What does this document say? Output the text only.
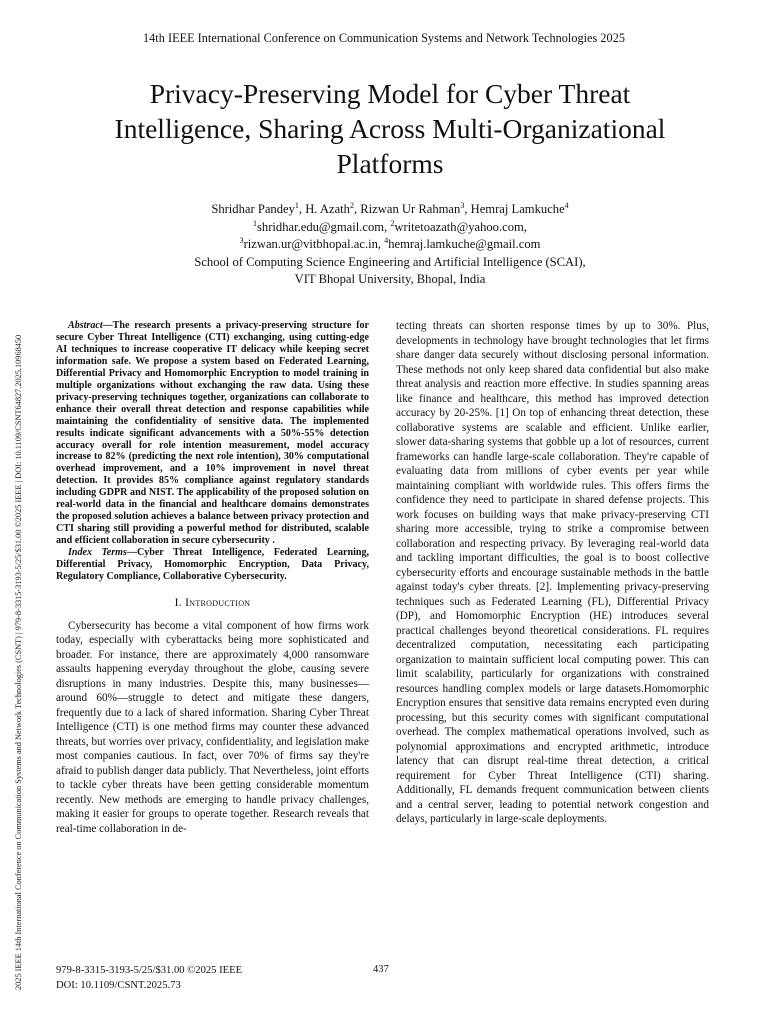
14th IEEE International Conference on Communication Systems and Network Technologies 2025
2025 IEEE 14th International Conference on Communication Systems and Network Technologies (CSNT) | 979-8-3315-3193-5/25/$31.00 ©2025 IEEE | DOI: 10.1109/CSNT64827.2025.10968450
Privacy-Preserving Model for Cyber Threat
Intelligence, Sharing Across Multi-Organizational
Platforms
Shridhar Pandey$^1$, H. Azath$^2$, Rizwan Ur Rahman$^3$, Hemraj Lamkuche$^4$
$^1$shridhar.edu@gmail.com, $^2$writetoazath@yahoo.com,
$^3$rizwan.ur@vitbhopal.ac.in, $^4$hemraj.lamkuche@gmail.com
School of Computing Science Engineering and Artificial Intelligence (SCAI),
VIT Bhopal University, Bhopal, India

Abstract—The research presents a privacy-preserving structure for secure Cyber Threat Intelligence (CTI) exchanging, using cutting-edge AI techniques to increase cooperative IT delicacy while keeping secret information safe. We propose a system based on Federated Learning, Differential Privacy and Homomorphic Encryption to model training in multiple organizations without exchanging the raw data. Using these privacy-preserving techniques together, organizations can collaborate to enhance their overall threat detection and response capabilities while maintaining the confidentiality of sensitive data. The implemented results indicate significant advancements with a 50%-55% detection accuracy overall for role intention measurement, model accuracy increase to 82% (predicting the next role intention), 30% computational overhead improvement, and a 10% improvement in novel threat detection. It provides 85% compliance against regulatory standards including GDPR and NIST. The applicability of the proposed solution on real-world data in the financial and healthcare domains demonstrates the proposed solution achieves a balance between privacy protection and CTI sharing still providing a powerful method for distributed, scalable and efficient collaboration in secure cybersecurity .

Index Terms—Cyber Threat Intelligence, Federated Learning, Differential Privacy, Homomorphic Encryption, Data Privacy, Regulatory Compliance, Collaborative Cybersecurity.

I. Introduction

Cybersecurity has become a vital component of how firms work today, especially with cyberattacks being more sophisticated and broader. For instance, there are approximately 4,000 ransomware assaults happening everyday throughout the globe, causing severe disruptions in many industries. Despite this, many businesses—around 60%—struggle to detect and mitigate these dangers, frequently due to a lack of shared information. Sharing Cyber Threat Intelligence (CTI) is one method firms may counter these advanced threats, but worries over privacy, confidentiality, and legislation make most companies cautious. In fact, over 70% of firms say they're afraid to publish danger data publicly. That Nevertheless, joint efforts to tackle cyber threats have been getting considerable momentum recently. New methods are emerging to handle privacy challenges, making it easier for groups to operate together. Research reveals that real-time collaboration in de-

tecting threats can shorten response times by up to 30%. Plus, developments in technology have brought technologies that let firms share danger data securely without disclosing personal information. These methods not only keep shared data confidential but also make threat analysis and reaction more effective. In studies spanning areas like finance and healthcare, this method has improved detection accuracy by 20-25%. [1] On top of enhancing threat detection, these collaborative systems are scalable and efficient. Unlike earlier, slower data-sharing systems that gobble up a lot of resources, current frameworks can handle large-scale collaboration. They're capable of evaluating data from millions of cyber events per year while maintaining compliant with worldwide rules. This offers firms the confidence they need to participate in shared defense projects. This work focuses on building ways that make privacy-preserving CTI sharing more accessible, trying to strike a compromise between collaboration and respecting privacy. By leveraging real-world data and tackling important difficulties, the goal is to boost collective cybersecurity efforts and encourage sustainable methods in the battle against today's cyber threats. [2]. Implementing privacy-preserving techniques such as Federated Learning (FL), Differential Privacy (DP), and Homomorphic Encryption (HE) introduces several practical challenges beyond theoretical considerations. FL requires decentralized computation, necessitating each participating organization to maintain sufficient local computing power. This can limit scalability, particularly for organizations with constrained resources handling complex models or large datasets.Homomorphic Encryption ensures that sensitive data remains encrypted even during processing, but this security comes with significant computational overhead. The complex mathematical operations involved, such as polynomial approximations and encrypted arithmetic, introduce latency that can disrupt real-time threat detection, a critical requirement for Cyber Threat Intelligence (CTI) sharing. Additionally, FL demands frequent communication between clients and a central server, leading to potential network congestion and delays, particularly in large-scale deployments.

979-8-3315-3193-5/25/$31.00 ©2025 IEEE
DOI: 10.1109/CSNT.2025.73
437
